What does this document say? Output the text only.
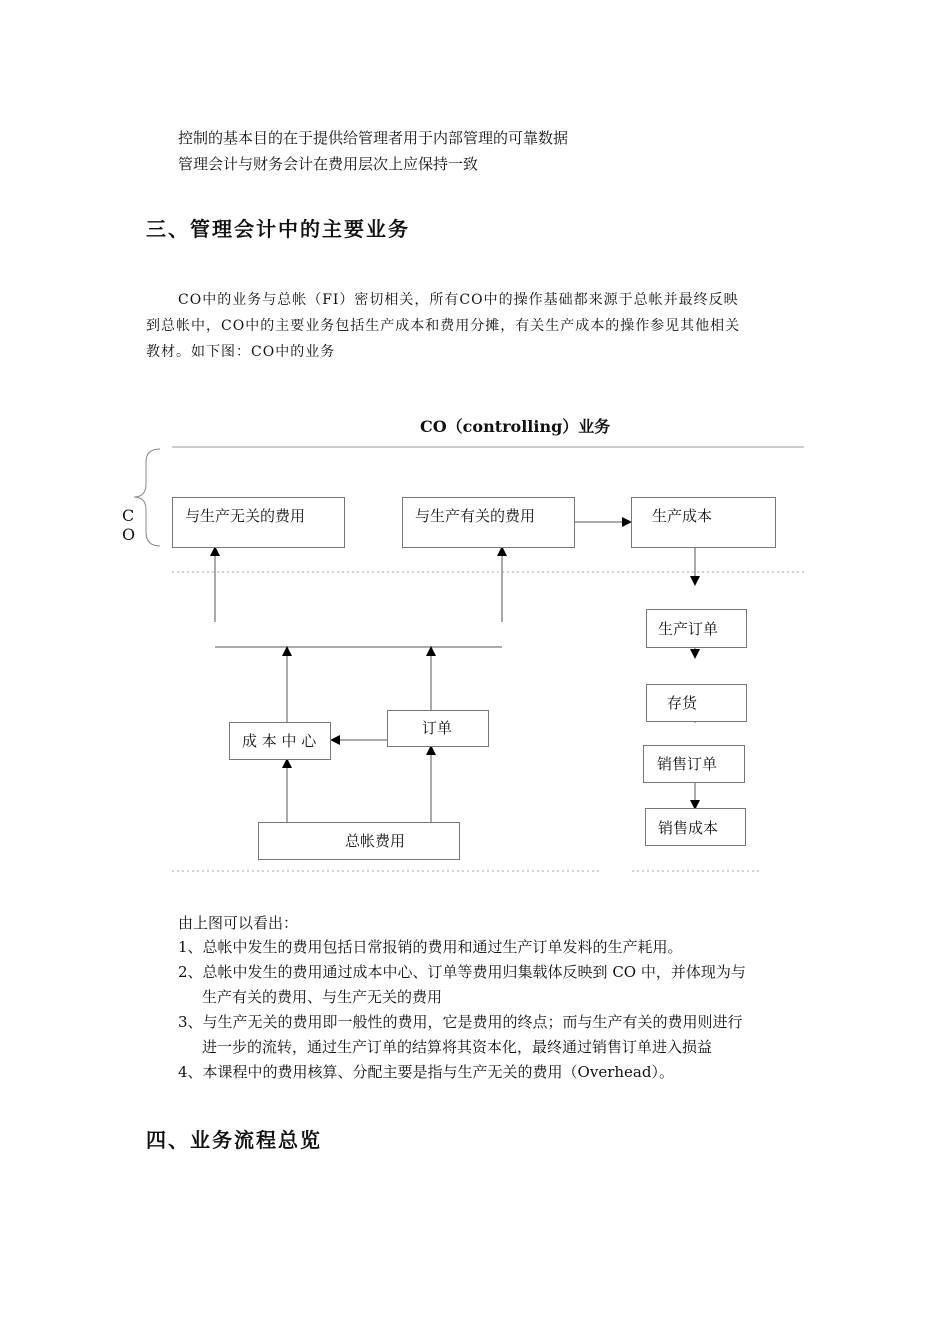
控制的基本目的在于提供给管理者用于内部管理的可靠数据
管理会计与财务会计在费用层次上应保持一致
三、管理会计中的主要业务
CO中的业务与总帐（FI）密切相关，所有CO中的操作基础都来源于总帐并最终反映
到总帐中，CO中的主要业务包括生产成本和费用分摊，有关生产成本的操作参见其他相关
教材。如下图：CO中的业务
CO（controlling）业务
C
O
与生产无关的费用	与生产有关的费用	生产成本
生产订单
存货
销售订单
销售成本
成 本 中 心
订单
总帐费用
由上图可以看出：
1、总帐中发生的费用包括日常报销的费用和通过生产订单发料的生产耗用。
2、总帐中发生的费用通过成本中心、订单等费用归集载体反映到 CO 中，并体现为与
生产有关的费用、与生产无关的费用
3、与生产无关的费用即一般性的费用，它是费用的终点；而与生产有关的费用则进行
进一步的流转，通过生产订单的结算将其资本化，最终通过销售订单进入损益
4、本课程中的费用核算、分配主要是指与生产无关的费用（Overhead）。
四、业务流程总览
